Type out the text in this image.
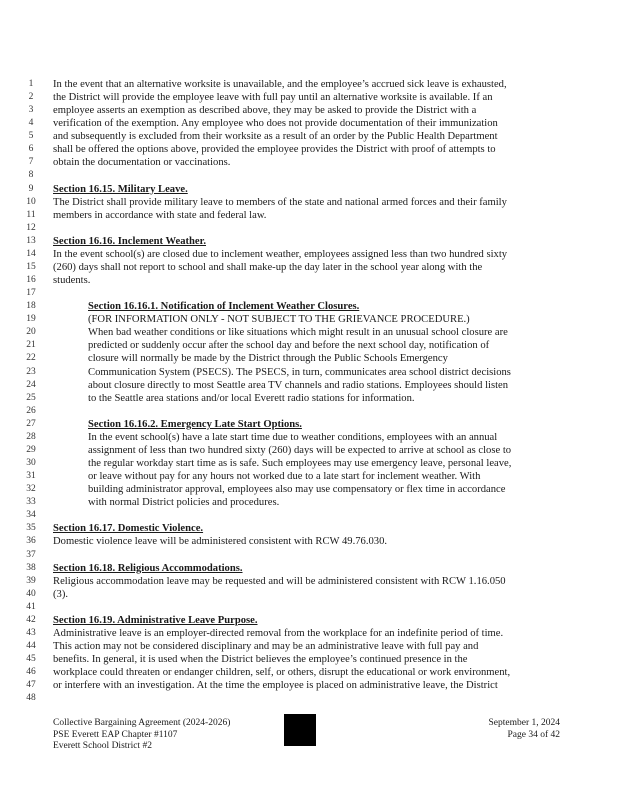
1	In the event that an alternative worksite is unavailable, and the employee’s accrued sick leave is exhausted,
2	the District will provide the employee leave with full pay until an alternative worksite is available. If an
3	employee asserts an exemption as described above, they may be asked to provide the District with a
4	verification of the exemption. Any employee who does not provide documentation of their immunization
5	and subsequently is excluded from their worksite as a result of an order by the Public Health Department
6	shall be offered the options above, provided the employee provides the District with proof of attempts to
7	obtain the documentation or vaccinations.
8
9	Section 16.15. Military Leave.
10	The District shall provide military leave to members of the state and national armed forces and their family
11	members in accordance with state and federal law.
12
13	Section 16.16. Inclement Weather.
14	In the event school(s) are closed due to inclement weather, employees assigned less than two hundred sixty
15	(260) days shall not report to school and shall make-up the day later in the school year along with the
16	students.
17
18	Section 16.16.1. Notification of Inclement Weather Closures.
19	(FOR INFORMATION ONLY - NOT SUBJECT TO THE GRIEVANCE PROCEDURE.)
20	When bad weather conditions or like situations which might result in an unusual school closure are
21	predicted or suddenly occur after the school day and before the next school day, notification of
22	closure will normally be made by the District through the Public Schools Emergency
23	Communication System (PSECS). The PSECS, in turn, communicates area school district decisions
24	about closure directly to most Seattle area TV channels and radio stations. Employees should listen
25	to the Seattle area stations and/or local Everett radio stations for information.
26
27	Section 16.16.2. Emergency Late Start Options.
28	In the event school(s) have a late start time due to weather conditions, employees with an annual
29	assignment of less than two hundred sixty (260) days will be expected to arrive at school as close to
30	the regular workday start time as is safe. Such employees may use emergency leave, personal leave,
31	or leave without pay for any hours not worked due to a late start for inclement weather. With
32	building administrator approval, employees also may use compensatory or flex time in accordance
33	with normal District policies and procedures.
34
35	Section 16.17. Domestic Violence.
36	Domestic violence leave will be administered consistent with RCW 49.76.030.
37
38	Section 16.18. Religious Accommodations.
39	Religious accommodation leave may be requested and will be administered consistent with RCW 1.16.050
40	(3).
41
42	Section 16.19. Administrative Leave Purpose.
43	Administrative leave is an employer-directed removal from the workplace for an indefinite period of time.
44	This action may not be considered disciplinary and may be an administrative leave with full pay and
45	benefits. In general, it is used when the District believes the employee’s continued presence in the
46	workplace could threaten or endanger children, self, or others, disrupt the educational or work environment,
47	or interfere with an investigation. At the time the employee is placed on administrative leave, the District
48
Collective Bargaining Agreement (2024-2026)
PSE Everett EAP Chapter #1107
Everett School District #2
September 1, 2024
Page 34 of 42
